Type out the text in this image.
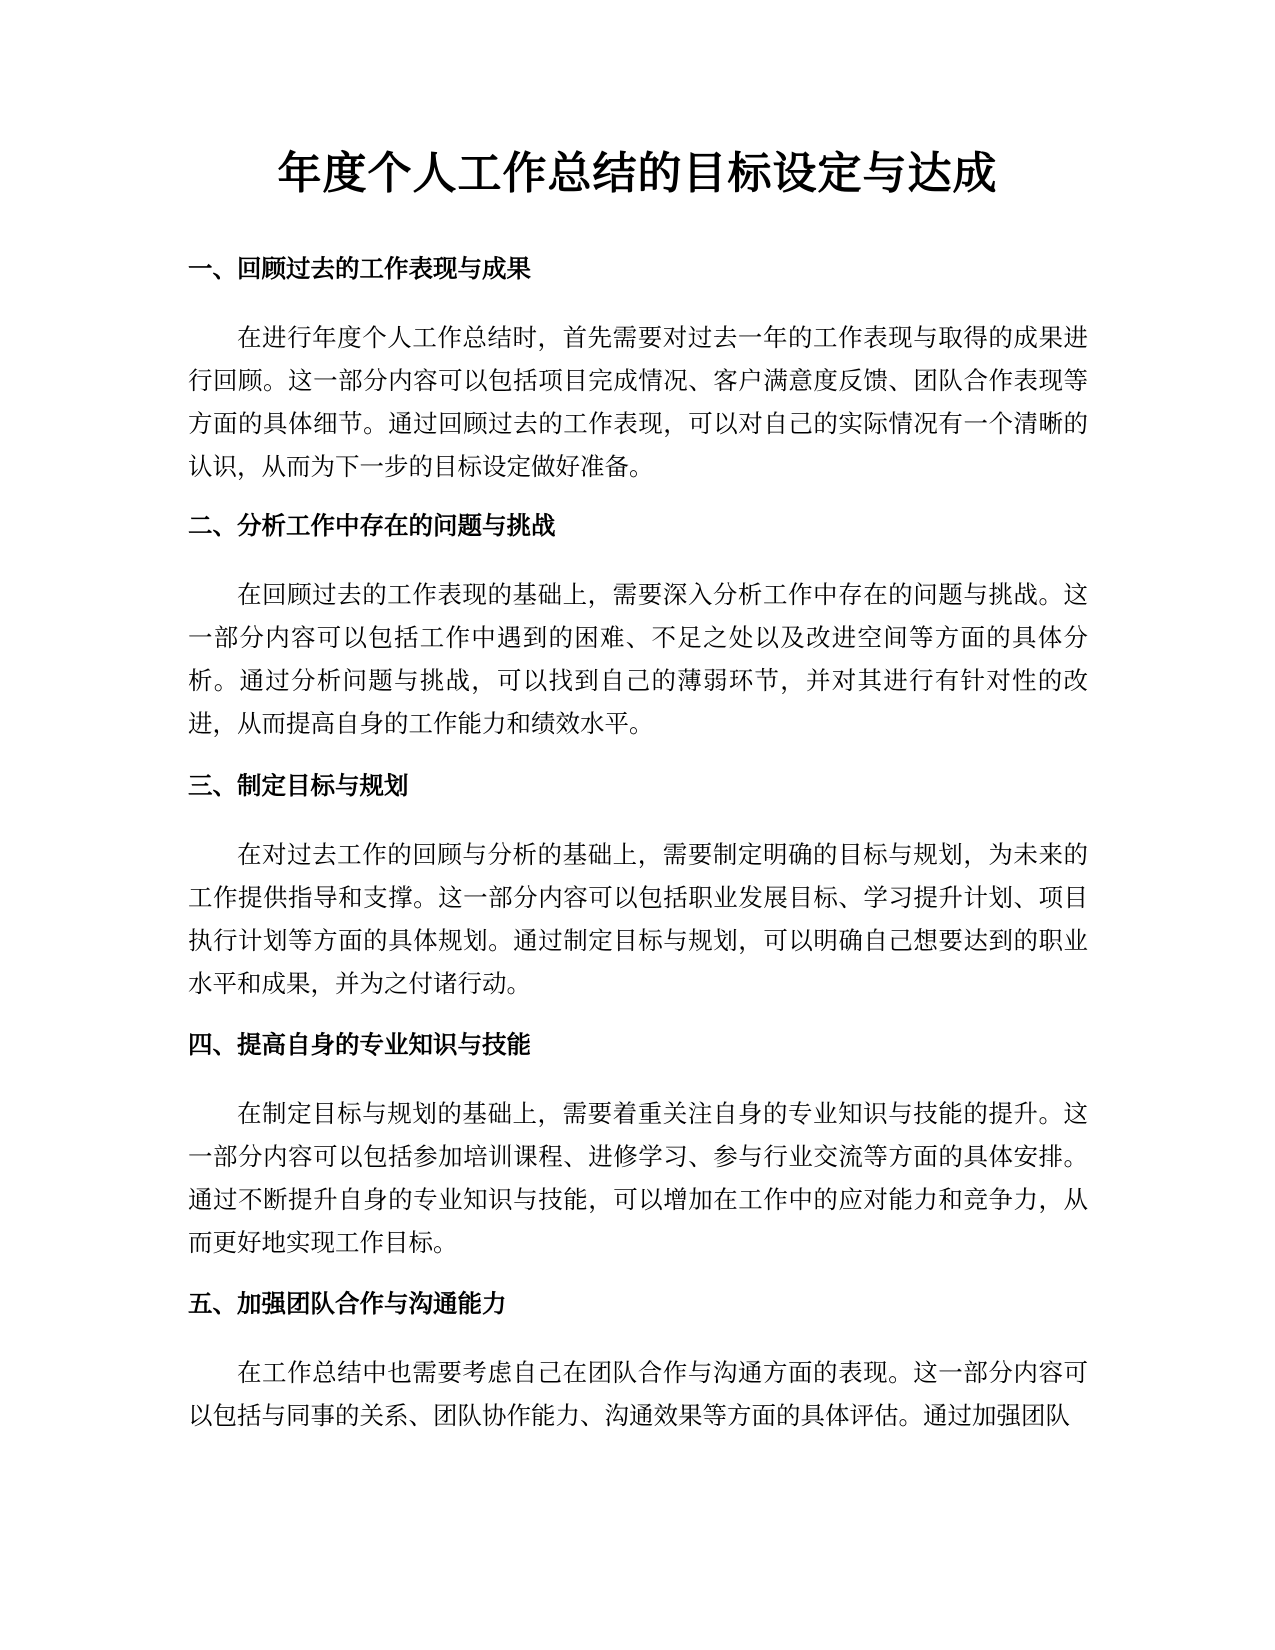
年度个人工作总结的目标设定与达成
一、回顾过去的工作表现与成果

在进行年度个人工作总结时，首先需要对过去一年的工作表现与取得的成果进行回顾。这一部分内容可以包括项目完成情况、客户满意度反馈、团队合作表现等方面的具体细节。通过回顾过去的工作表现，可以对自己的实际情况有一个清晰的认识，从而为下一步的目标设定做好准备。

二、分析工作中存在的问题与挑战

在回顾过去的工作表现的基础上，需要深入分析工作中存在的问题与挑战。这一部分内容可以包括工作中遇到的困难、不足之处以及改进空间等方面的具体分析。通过分析问题与挑战，可以找到自己的薄弱环节，并对其进行有针对性的改进，从而提高自身的工作能力和绩效水平。

三、制定目标与规划

在对过去工作的回顾与分析的基础上，需要制定明确的目标与规划，为未来的工作提供指导和支撑。这一部分内容可以包括职业发展目标、学习提升计划、项目执行计划等方面的具体规划。通过制定目标与规划，可以明确自己想要达到的职业水平和成果，并为之付诸行动。

四、提高自身的专业知识与技能

在制定目标与规划的基础上，需要着重关注自身的专业知识与技能的提升。这一部分内容可以包括参加培训课程、进修学习、参与行业交流等方面的具体安排。通过不断提升自身的专业知识与技能，可以增加在工作中的应对能力和竞争力，从而更好地实现工作目标。

五、加强团队合作与沟通能力

在工作总结中也需要考虑自己在团队合作与沟通方面的表现。这一部分内容可以包括与同事的关系、团队协作能力、沟通效果等方面的具体评估。通过加强团队
